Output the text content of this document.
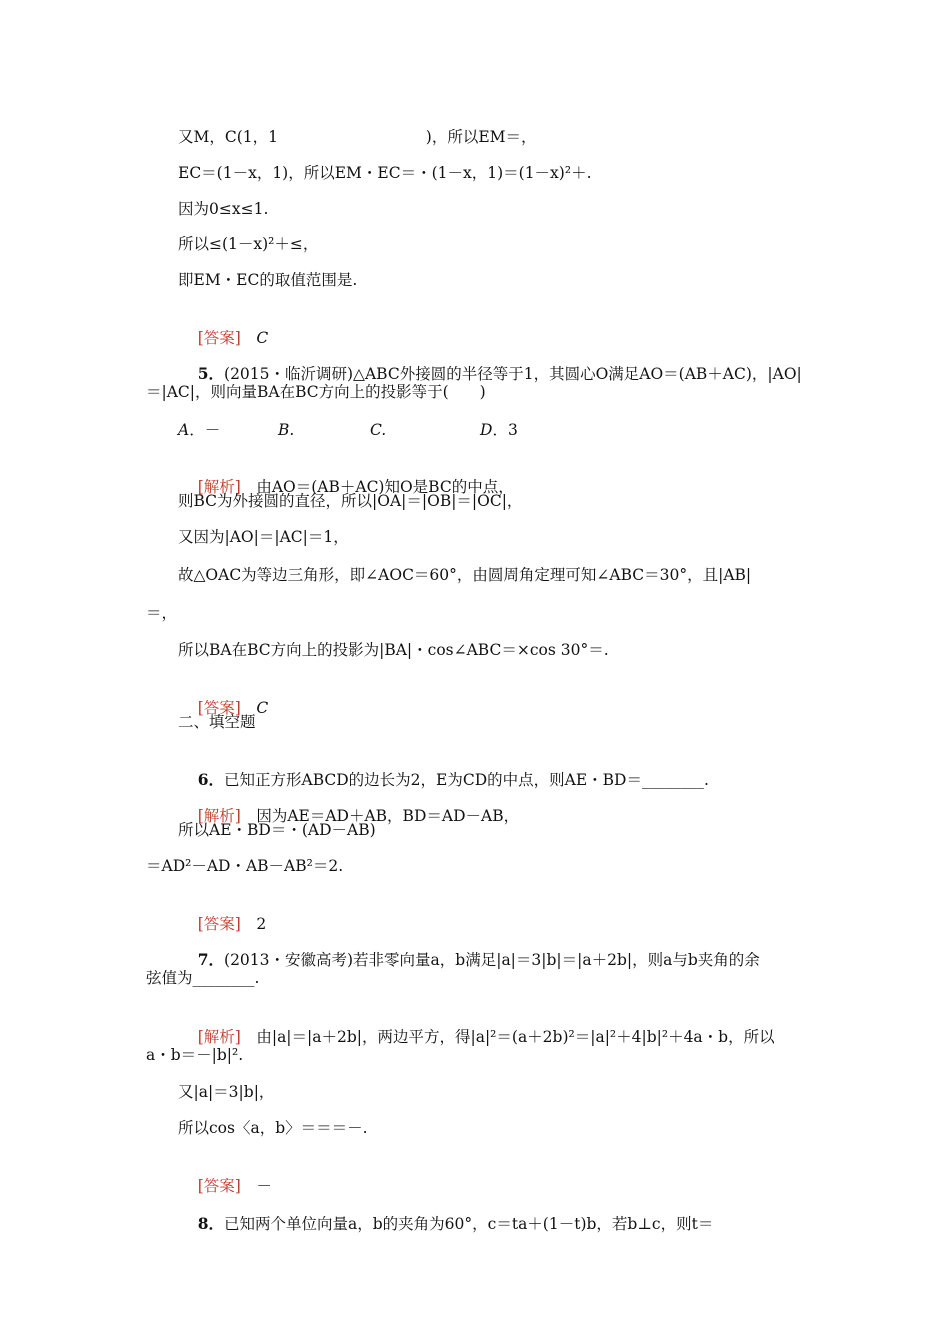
又M，C(1，1                              )，所以EM＝，
EC＝(1－x，1)，所以EM・EC＝・(1－x，1)＝(1－x)²＋.
因为0≤x≤1.
所以≤(1－x)²＋≤，
即EM・EC的取值范围是.

[答案]　 C

5．(2015・临沂调研)△ABC外接圆的半径等于1，其圆心O满足AO＝(AB＋AC)，|AO|

＝|AC|，则向量BA在BC方向上的投影等于(　　)
A．－	B.	C.	D．3

[解析]　 由AO＝(AB＋AC)知O是BC的中点，

则BC为外接圆的直径，所以|OA|＝|OB|＝|OC|，
又因为|AO|＝|AC|＝1，
故△OAC为等边三角形，即∠AOC＝60°，由圆周角定理可知∠ABC＝30°，且|AB|
＝，
所以BA在BC方向上的投影为|BA|・cos∠ABC＝×cos 30°＝.

[答案]　 C

二、填空题

6．已知正方形ABCD的边长为2，E为CD的中点，则AE・BD＝________.

[解析]　 因为AE＝AD＋AB，BD＝AD－AB，

所以AE・BD＝・(AD－AB)
＝AD²－AD・AB－AB²＝2.

[答案]　 2

7．(2013・安徽高考)若非零向量a，b满足|a|＝3|b|＝|a＋2b|，则a与b夹角的余

弦值为________.

[解析]　 由|a|＝|a＋2b|，两边平方，得|a|²＝(a＋2b)²＝|a|²＋4|b|²＋4a・b，所以

a・b＝－|b|².
又|a|＝3|b|，
所以cos〈a，b〉＝＝＝－.

[答案]　 －

8．已知两个单位向量a，b的夹角为60°，c＝ta＋(1－t)b，若b⊥c，则t＝
